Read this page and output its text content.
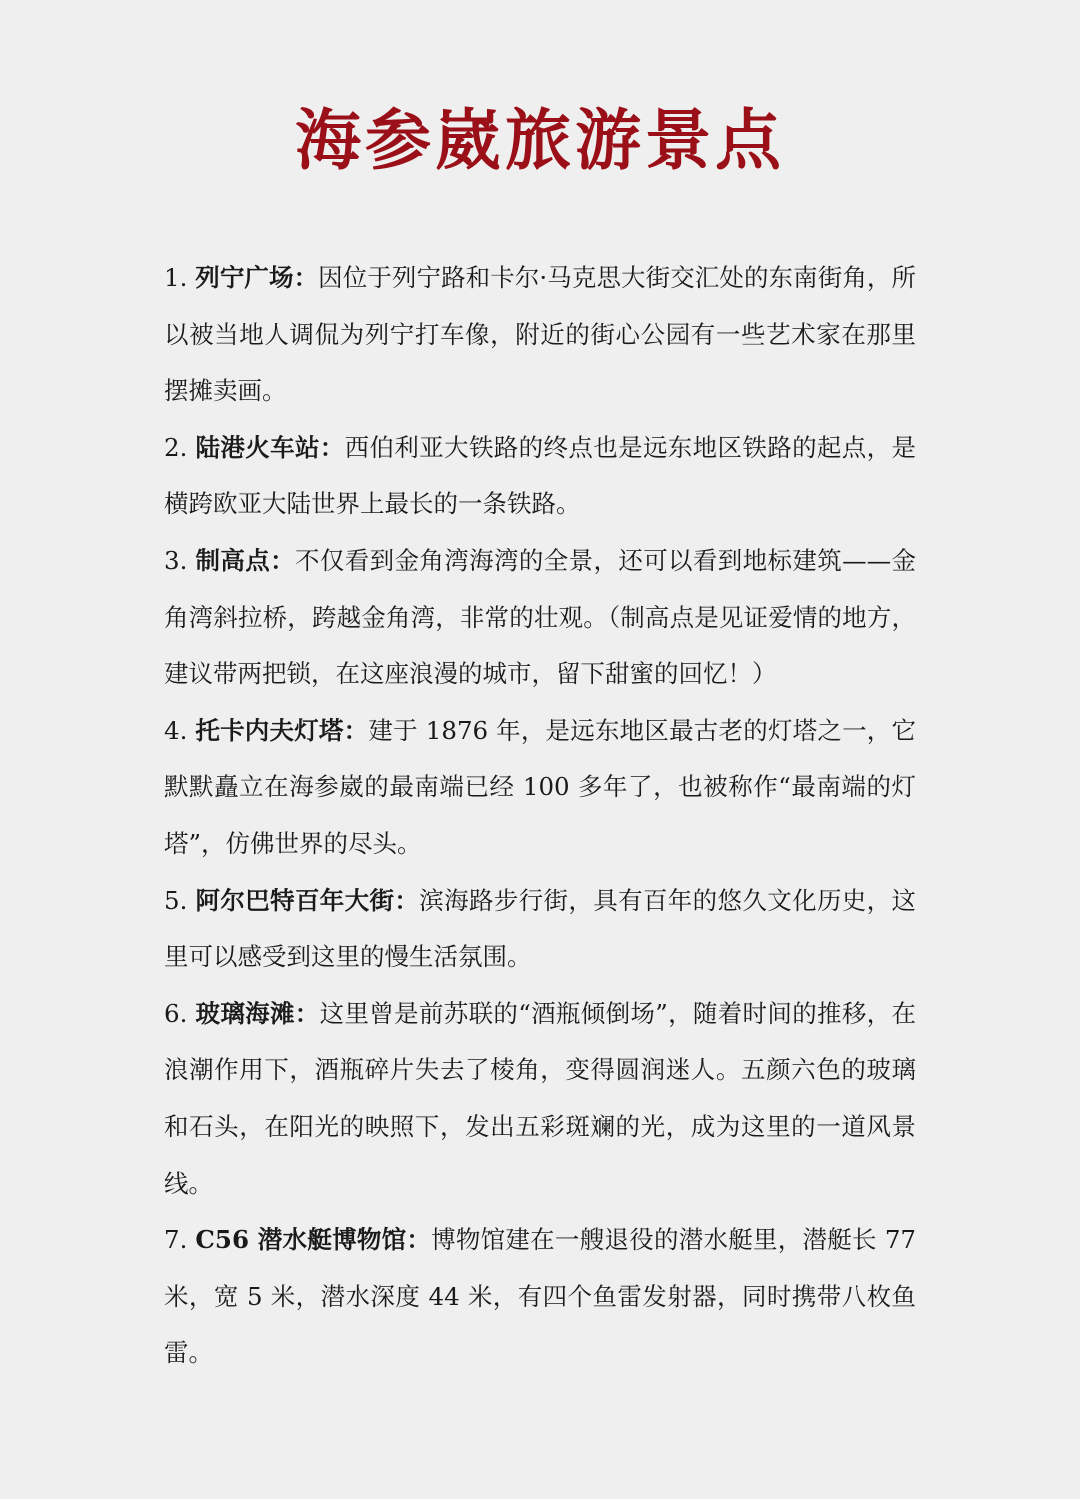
海参崴旅游景点

1. 列宁广场：因位于列宁路和卡尔·马克思大街交汇处的东南街角，所以被当地人调侃为列宁打车像，附近的街心公园有一些艺术家在那里摆摊卖画。

2. 陆港火车站：西伯利亚大铁路的终点也是远东地区铁路的起点，是横跨欧亚大陆世界上最长的一条铁路。

3. 制高点：不仅看到金角湾海湾的全景，还可以看到地标建筑——金角湾斜拉桥，跨越金角湾，非常的壮观。（制高点是见证爱情的地方，建议带两把锁，在这座浪漫的城市，留下甜蜜的回忆！）

4. 托卡内夫灯塔：建于 1876 年，是远东地区最古老的灯塔之一，它默默矗立在海参崴的最南端已经 100 多年了，也被称作“最南端的灯塔”，仿佛世界的尽头。

5. 阿尔巴特百年大街：滨海路步行街，具有百年的悠久文化历史，这里可以感受到这里的慢生活氛围。

6. 玻璃海滩：这里曾是前苏联的“酒瓶倾倒场”，随着时间的推移，在浪潮作用下，酒瓶碎片失去了棱角，变得圆润迷人。五颜六色的玻璃和石头，在阳光的映照下，发出五彩斑斓的光，成为这里的一道风景线。

7. C56 潜水艇博物馆：博物馆建在一艘退役的潜水艇里，潜艇长 77 米，宽 5 米，潜水深度 44 米，有四个鱼雷发射器，同时携带八枚鱼雷。
